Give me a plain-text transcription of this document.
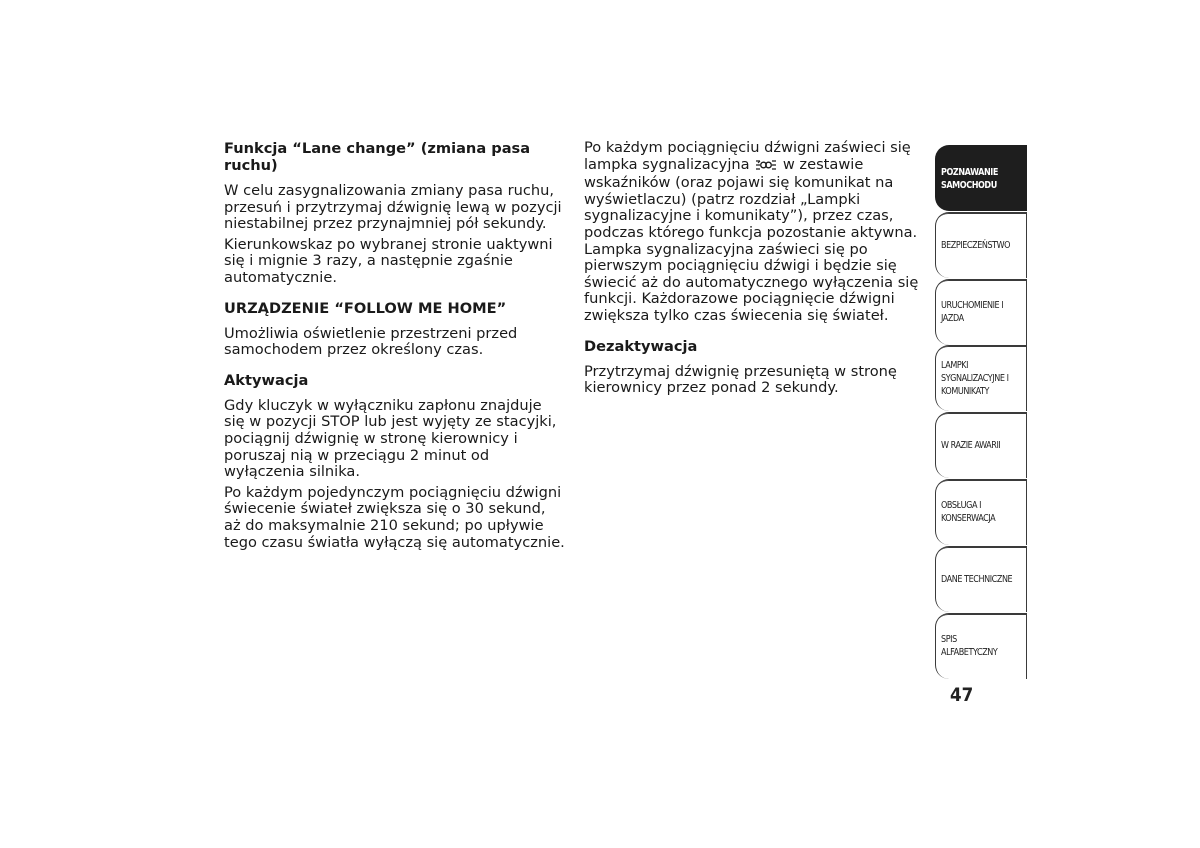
Funkcja “Lane change” (zmiana pasa ruchu)

W celu zasygnalizowania zmiany pasa ruchu, przesuń i przytrzymaj dźwignię lewą w pozycji niestabilnej przez przynajmniej pół sekundy.

Kierunkowskaz po wybranej stronie uaktywni się i mignie 3 razy, a następnie zgaśnie automatycznie.

URZĄDZENIE “FOLLOW ME HOME”

Umożliwia oświetlenie przestrzeni przed samochodem przez określony czas.

Aktywacja

Gdy kluczyk w wyłączniku zapłonu znajduje się w pozycji STOP lub jest wyjęty ze stacyjki, pociągnij dźwignię w stronę kierownicy i poruszaj nią w przeciągu 2 minut od wyłączenia silnika.

Po każdym pojedynczym pociągnięciu dźwigni świecenie świateł zwiększa się o 30 sekund, aż do maksymalnie 210 sekund; po upływie tego czasu światła wyłączą się automatycznie.

Po każdym pociągnięciu dźwigni zaświeci się lampka sygnalizacyjna w zestawie wskaźników (oraz pojawi się komunikat na wyświetlaczu) (patrz rozdział „Lampki sygnalizacyjne i komunikaty”), przez czas, podczas którego funkcja pozostanie aktywna. Lampka sygnalizacyjna zaświeci się po pierwszym pociągnięciu dźwigi i będzie się świecić aż do automatycznego wyłączenia się funkcji. Każdorazowe pociągnięcie dźwigni zwiększa tylko czas świecenia się świateł.

Dezaktywacja

Przytrzymaj dźwignię przesuniętą w stronę kierownicy przez ponad 2 sekundy.

POZNAWANIE SAMOCHODU
BEZPIECZEŃSTWO
URUCHOMIENIE I JAZDA
LAMPKI SYGNALIZACYJNE I KOMUNIKATY
W RAZIE AWARII
OBSŁUGA I KONSERWACJA
DANE TECHNICZNE
SPIS ALFABETYCZNY
47
